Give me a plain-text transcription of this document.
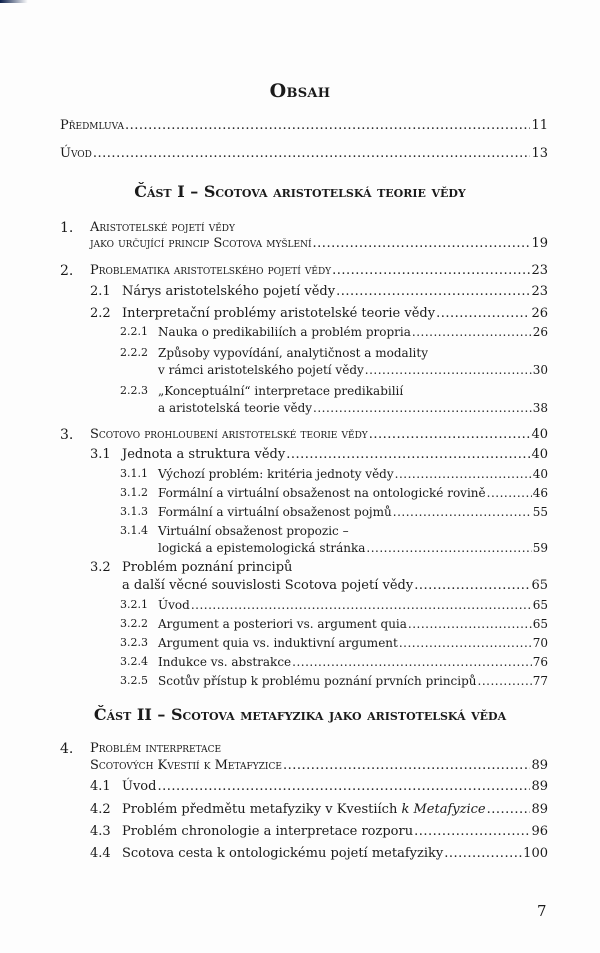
Obsah
Předmluva .....	11
Úvod .....	13
Část I – Scotova aristotelská teorie vědy
1. Aristotelské pojetí vědy
jako určující princip Scotova myšlení .....	19
2. Problematika aristotelského pojetí vědy .....	23
2.1 Nárys aristotelského pojetí vědy .....	23
2.2 Interpretační problémy aristotelské teorie vědy .....	26
2.2.1 Nauka o predikabiliích a problém propria .....	26
2.2.2 Způsoby vypovídání, analytičnost a modality
v rámci aristotelského pojetí vědy .....	30
2.2.3 „Konceptuální“ interpretace predikabilií
a aristotelská teorie vědy .....	38
3. Scotovo prohloubení aristotelské teorie vědy .....	40
3.1 Jednota a struktura vědy .....	40
3.1.1 Výchozí problém: kritéria jednoty vědy .....	40
3.1.2 Formální a virtuální obsaženost na ontologické rovině .....	46
3.1.3 Formální a virtuální obsaženost pojmů .....	55
3.1.4 Virtuální obsaženost propozic –
logická a epistemologická stránka .....	59
3.2 Problém poznání principů
a další věcné souvislosti Scotova pojetí vědy .....	65
3.2.1 Úvod .....	65
3.2.2 Argument a posteriori vs. argument quia .....	65
3.2.3 Argument quia vs. induktivní argument .....	70
3.2.4 Indukce vs. abstrakce .....	76
3.2.5 Scotův přístup k problému poznání prvních principů .....	77
Část II – Scotova metafyzika jako aristotelská věda
4. Problém interpretace
Scotových Kvestií k Metafyzice .....	89
4.1 Úvod .....	89
4.2 Problém předmětu metafyziky v Kvestiích k Metafyzice .....	89
4.3 Problém chronologie a interpretace rozporu .....	96
4.4 Scotova cesta k ontologickému pojetí metafyziky .....	100
7
